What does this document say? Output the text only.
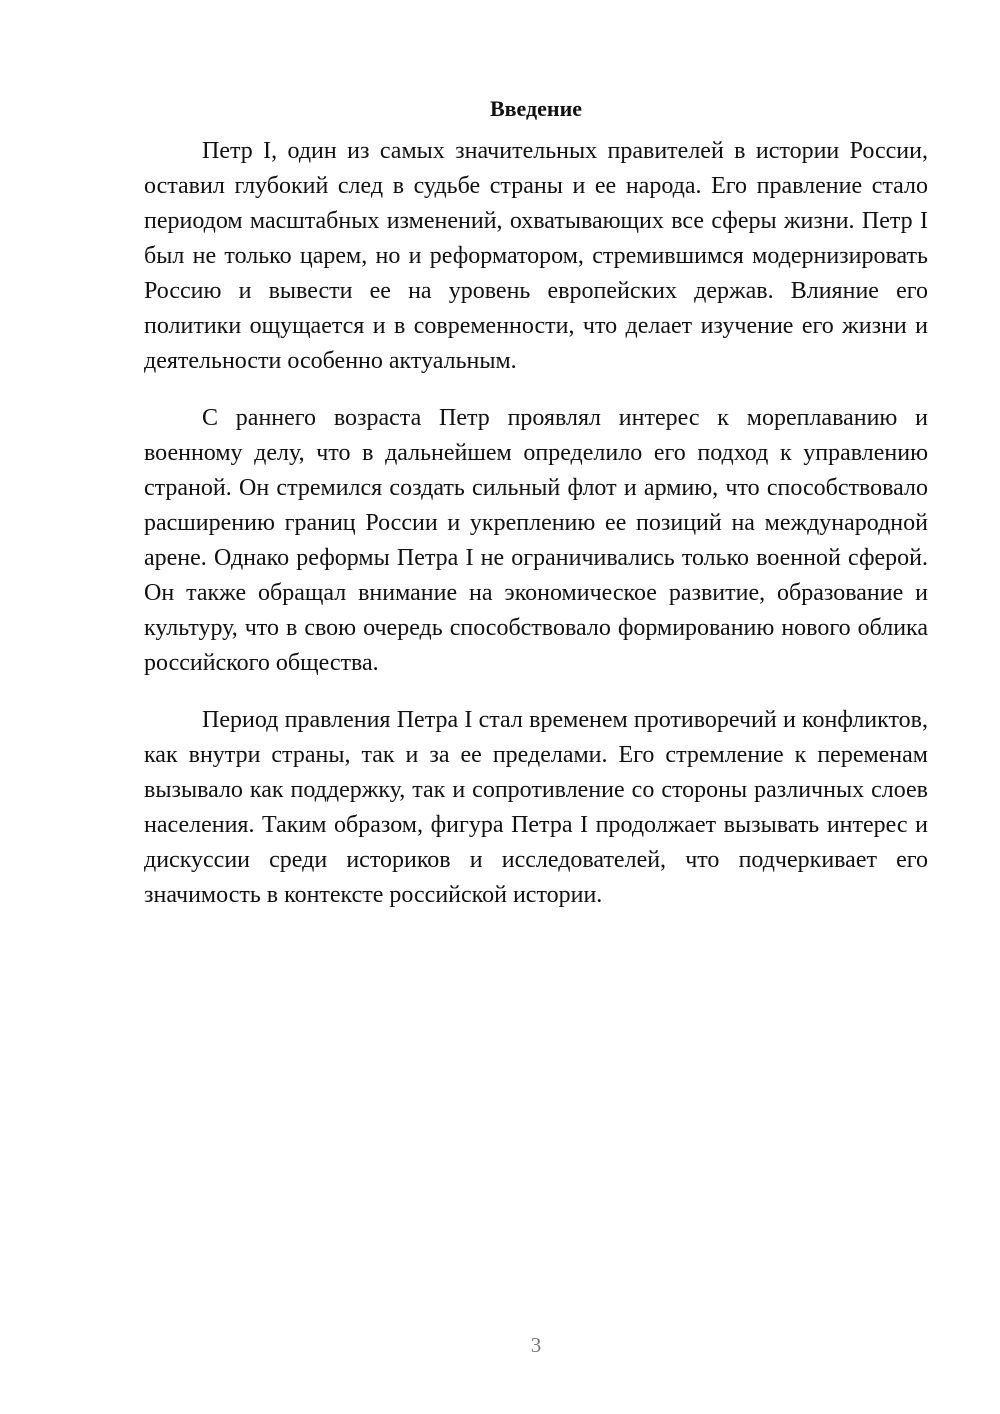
Введение

Петр I, один из самых значительных правителей в истории России, оставил глубокий след в судьбе страны и ее народа. Его правление стало периодом масштабных изменений, охватывающих все сферы жизни. Петр I был не только царем, но и реформатором, стремившимся модернизировать Россию и вывести ее на уровень европейских держав. Влияние его политики ощущается и в современности, что делает изучение его жизни и деятельности особенно актуальным.

С раннего возраста Петр проявлял интерес к мореплаванию и военному делу, что в дальнейшем определило его подход к управлению страной. Он стремился создать сильный флот и армию, что способствовало расширению границ России и укреплению ее позиций на международной арене. Однако реформы Петра I не ограничивались только военной сферой. Он также обращал внимание на экономическое развитие, образование и культуру, что в свою очередь способствовало формированию нового облика российского общества.

Период правления Петра I стал временем противоречий и конфликтов, как внутри страны, так и за ее пределами. Его стремление к переменам вызывало как поддержку, так и сопротивление со стороны различных слоев населения. Таким образом, фигура Петра I продолжает вызывать интерес и дискуссии среди историков и исследователей, что подчеркивает его значимость в контексте российской истории.

3
